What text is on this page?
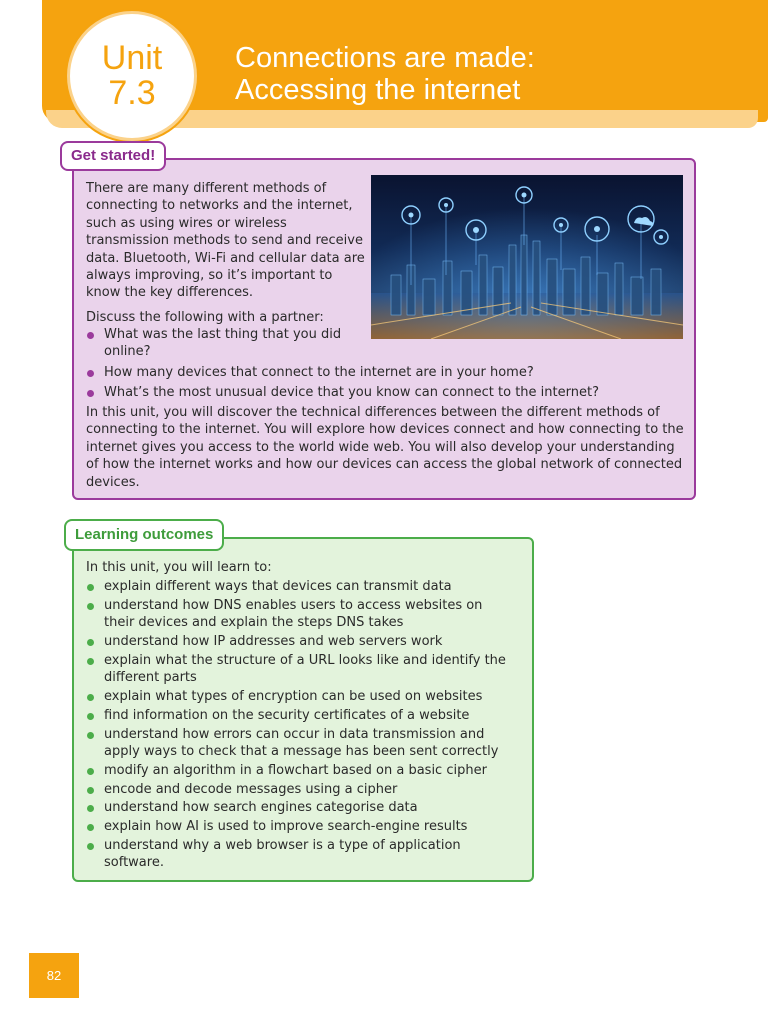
Unit
7.3
Connections are made:
Accessing the internet
Get started!
There are many different methods of connecting to networks and the internet, such as using wires or wireless transmission methods to send and receive data. Bluetooth, Wi-Fi and cellular data are always improving, so it’s important to know the key differences.
Discuss the following with a partner:
What was the last thing that you did online?
How many devices that connect to the internet are in your home?
What’s the most unusual device that you know can connect to the internet?
In this unit, you will discover the technical differences between the different methods of connecting to the internet. You will explore how devices connect and how connecting to the internet gives you access to the world wide web. You will also develop your understanding of how the internet works and how our devices can access the global network of connected devices.
Learning outcomes
In this unit, you will learn to:
explain different ways that devices can transmit data
understand how DNS enables users to access websites on their devices and explain the steps DNS takes
understand how IP addresses and web servers work
explain what the structure of a URL looks like and identify the different parts
explain what types of encryption can be used on websites
find information on the security certificates of a website
understand how errors can occur in data transmission and apply ways to check that a message has been sent correctly
modify an algorithm in a flowchart based on a basic cipher
encode and decode messages using a cipher
understand how search engines categorise data
explain how AI is used to improve search-engine results
understand why a web browser is a type of application software.
82
